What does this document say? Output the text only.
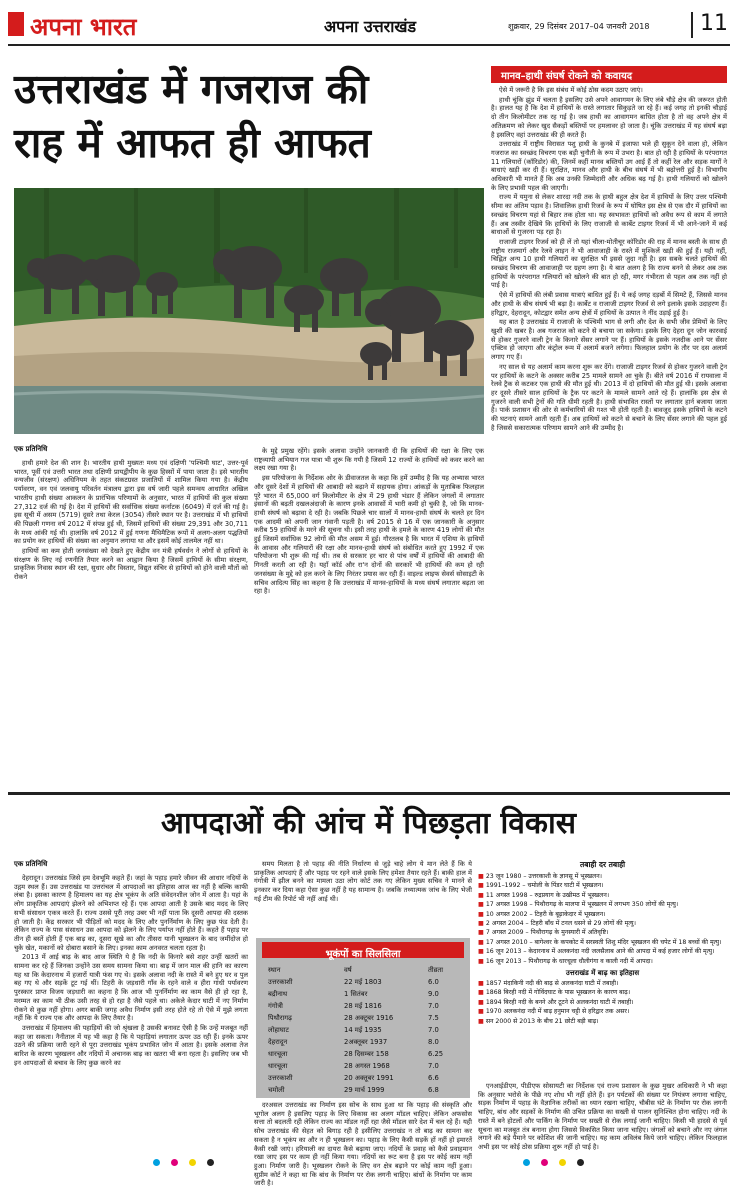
अपना भारत	अपना उत्तराखंड	शुक्रवार, 29 दिसंबर 2017–04 जनवरी 2018 11
उत्तराखंड में गजराज की
राह में आफत ही आफत
एक प्रतिनिधि

हाथी हमारे देश की शान है। भारतीय हाथी मुख्यतः मध्य एवं दक्षिणी 'पश्चिमी घाट', उत्तर-पूर्व भारत, पूर्वी एवं उत्तरी भारत तथा दक्षिणी प्रायद्वीपीय के कुछ हिस्सों में पाया जाता है। इसे भारतीय वन्यजीव (संरक्षण) अधिनियम के तहत संकटग्रस्त प्रजातियों में शामिल किया गया है। केंद्रीय पर्यावरण, वन एवं जलवायु परिवर्तन मंत्रालय द्वारा इस वर्ष जारी पहले समन्वय आधारित अखिल भारतीय हाथी संख्या आकलन के प्रारंभिक परिणामों के अनुसार, भारत में हाथियों की कुल संख्या 27,312 दर्ज की गई है। देश में हाथियों की सर्वाधिक संख्या कर्नाटक (6049) में दर्ज की गई है। इस सूची में असम (5719) दूसरे तथा केरल (3054) तीसरे स्थान पर है। उत्तराखंड में भी हाथियों की पिछली गणना वर्ष 2012 में संपन्न हुई थी, जिसमें हाथियों की संख्या 29,391 और 30,711 के मध्य आंकी गई थी। हालांकि वर्ष 2012 में हुई गणना मैथिमैटिक रूपों में अलग-अलग पद्धतियों का प्रयोग कर हाथियों की संख्या का अनुमान लगाया था और इसमें कोई तालमेल नहीं था।

हाथियों का कम होती जनसंख्या को देखते हुए केंद्रीय वन मंत्री हर्षवर्धन ने लोगों से हाथियों के संरक्षण के लिए नई रणनीति तैयार करने का आह्वान किया है जिसमें हाथियों के सीमा संरक्षण, प्राकृतिक निवास स्थान की रक्षा, सुधार और विस्तार, विद्युत संचिर से हाथियों को होने वाली मौतों को रोकने

के मुद्दे प्रमुख रहेंगे। इसके अलावा उन्होंने जानकारी दी कि हाथियों की रक्षा के लिए एक राष्ट्रव्यापी अभियान गज यात्रा भी शुरू कि गयी है जिसमें 12 राज्यों के हाथियों को कवर करने का लक्ष्य रखा गया है।

इस परियोजना के निर्देशक ओर के डीवाजतल के कहा कि हमें उम्मीद है कि यह अभ्यास भारत और दूसरे देशों में हाथियों की आबादी को बढ़ाने में सहायक होगा। आंकड़ों के मुताबिक फिलहाल पूरे भारत में 65,000 वर्ग किलोमीटर के क्षेत्र में 29 हाथी भंडार हैं लेकिन जंगलों में लगातार इंसानों की बढ़ती दखलअंदाजी के कारण इनके आवासों में भारी कमी हो चुकी है, जो कि मानव-हाथी संघर्ष को बढ़ावा दे रही है। जबकि पिछले चार सालों में मानव-हाथी संघर्ष के चलते हर दिन एक आदमी को अपनी जान गंवानी पड़ती है। वर्ष 2015 से 16 में एक जानकारी के अनुसार करीब 59 हाथियों के मरने की सूचना थी। इसी तरह हाथी के हमले के कारण 419 लोगों की मौत हुई जिसमें सर्वाधिक 92 लोगों की मौत असम में हुई। गौरतलब है कि भारत में एशिया के हाथियों के आवास और गलियारों की रक्षा और मानव-हाथी संघर्ष को संबोधित करते हुए 1992 में एक परियोजना भी शुरू की गई थी। तब से सरकार हर चार से पांच वर्षों में हाथियों की आबादी की गिनती करती आ रही है। यहाँ कॉर्ड और रा'न दोनों की सरकारें भी हाथियों की कम हो रही जनसंख्या के मुद्दे को हल करने के लिए निरंतर प्रयास कर रही हैं। वाइल्ड लाइफ सेवर्स सोसाइटी के सचिव आदित्य सिंह का कहना है कि उत्तराखंड में मानव-हाथियों के मध्य संघर्ष लगातार बढ़ता जा रहा है।

मानव–हाथी संघर्ष रोकने को कवायद

ऐसे में जरूरी है कि इस संबंध में कोई ठोस कदम उठाए जाएं।

हाथी चूंकि झुंड में चलता है इसलिए उसे अपने आवागमन के लिए लंबे चौड़े क्षेत्र की जरूरत होती है। हालत यह है कि देश में हाथियों के रास्ते लगातार सिकुड़ते जा रहे हैं। कई जगह तो इनकी चौड़ाई दो तीन किलोमीटर तक रह गई है। जब हाथी का आवागमन बाधित होता है तो वह अपने क्षेत्र में अतिक्रमण को लेकर खुद सैकड़ों बस्तियों पर हमलावर हो जाता है। चूंकि उत्तराखंड में यह संघर्ष बढ़ा है इसलिए वहां उत्तराखंड की ही करते हैं।

उत्तराखंड में राष्ट्रीय विरासत पशु हाथी के कुनबे में इजाफा भले ही सुकून देने वाला हो, लेकिन गजराज का स्वच्छंद विचरण एक बड़ी चुनौती के रूप में उभरा है। बात हो रही है हाथियों के परंपरागत 11 गलियारों (कॉरिडोर) की, जिनमें कहीं मानव बस्तियों उग आई हैं तो कहीं रेल और सड़क मार्गों ने बाधाएं खड़ी कर दी हैं। सुरक्षित, मानव और हाथी के बीच संघर्ष में भी बढ़ोत्तरी हुई है। विभागीय अधिकारी भी मानते हैं कि अब उनकी जिम्मेदारी और अधिक बढ़ गई है। हाथी गलियारों को खोलने के लिए प्रभावी पहल की जाएगी।

राज्य में यमुना से लेकर शारदा नदी तक के हाथी बहुल क्षेत्र देश में हाथियों के लिए उत्तर पश्चिमी सीमा का अंतिम पड़ाव है। शिवालिक हाथी रिजर्व के रूप में घोषित इस क्षेत्र से एक दौर में हाथियों का स्वच्छंद विचरण यहां से बिहार तक होता था। यह स्वभावतः हाथियों को अवैध रूप से काम में लगाते हैं। अब तस्वीर देखिये कि हाथियों के लिए राजाजी से कार्बेट टाइगर रिजर्व में भी आने-जाने में कई बाधाओं से गुजरना पड़ रहा है।

राजाजी टाइगर रिजर्व को ही लें तो यहां चीला-मोतीचूर कॉरिडोर की राह में मानव बस्ती के साथ ही राष्ट्रीय राजमार्ग और रेलवे लाइन ने भी आवाजाही के रास्ते में मुश्किलें खड़ी की हुई हैं। यही नहीं, चिह्नित अन्य 10 हाथी गलियारों का सुरक्षित भी इससे जुदा नहीं है। इस सबके चलते हाथियों की स्वच्छंद विचरण की आवाजाही पर ग्रहण लगा है। ये बात अलग है कि राज्य बनने से लेकर अब तक हाथियों के परंपरागत गलियारों को खोलने की बात हो रही, मगर गंभीरता से पहल अब तक नहीं हो पाई है।

ऐसे में हाथियों की लंबी प्रवास यात्राएं बाधित हुई हैं। ये कई जगह दड़बों में सिमटे हैं, जिससे मानव और हाथी के बीच संघर्ष भी बढ़ा है। कार्बेट व राजाजी टाइगर रिजर्व से लगे इलाके इसके उदाहरण हैं। हरिद्वार, देहरादून, कोटद्वार समेत अन्य क्षेत्रों में हाथियों के उत्पात ने नींद उड़ाई हुई है।

यह बात है उत्तराखंड में राजाजी के पश्चिमी भाग से लगी और देश के सभी जीव प्रेमियों के लिए खुशी की खबर है। अब गजराज को कटने से बचाया जा सकेगा। इसके लिए देहरा दून जोन कारवाई से होकर गुजरने वाली ट्रेन के किनारे सेंसर लगाने पर हैं। हाथियों के इसके नजदीक आने पर सेंसर एक्टिव हो जाएगा और कंट्रोल रूम में अलार्म बजने लगेगा। फिलहाल प्रयोग के तौर पर दस अलार्म लगाए गए हैं।

नए साल से यह अलार्म काम करना शुरू कर देंगे। राजाजी टाइगर रिजर्व से होकर गुजरने वाली ट्रेन पर हाथियों के कटने के अक्सर करीब 25 मामले सामने आ चुके हैं। बीते वर्ष 2016 में रायवाला में रेलवे ट्रैक से कटकर एक हाथी की मौत हुई थी। 2013 में दो हाथियों की मौत हुई थी। इसके अलावा हर दूसरे तीसरे साल हाथियों के ट्रैक पर कटने के मामले सामने आते रहे हैं। हालांकि इस क्षेत्र से गुजरने वाली सभी ट्रेनों की गति धीमी रहती है। हाथी संभावित रास्तों पर लगातार हार्न बजाया जाता है। पार्क प्रशासन की ओर से कर्मचारियों की गश्त भी होती रहती है। बावजूद इसके हाथियों के कटने की घटनाएं सामने आती रहती हैं। अब हाथियों को कटने से बचाने के लिए सेंसर लगाने की पहल हुई है जिससे सकारात्मक परिणाम सामने आने की उम्मीद है।

आपदाओं की आंच में पिछड़ता विकास
एक प्रतिनिधि

देहरादून। उत्तराखंड जिसे हम देवभूमि कहते हैं। जहां के पहाड़ हमारे जीवन की आधार नदियों के उद्गम स्थल हैं। उस उत्तराखंड या उत्तरांचल में आपदाओं का इतिहास आज का नहीं है बल्कि काफी लंबा है। इसका कारण है हिमालय का यह क्षेत्र भूकंप के अति संवेदनशील जोन में आता है। यहां के लोग प्राकृतिक आपदाएं झेलने को अभिशप्त रहे हैं। एक आपदा आती है उसके बाद मदद के लिए सभी संसाधन एकत्र करते हैं। राज्य उससे पूरी तरह उबर भी नहीं पाता कि दूसरी आपदा की दस्तक हो जाती है। केंद्र सरकार भी पीड़ितों को मदद के लिए और पुनर्निर्माण के लिए कुछ फंड देती है। लेकिन राज्य के पास संसाधन उस आपदा को झेलने के लिए पर्याप्त नहीं होते हैं। कहते हैं पहाड़ पर तीन ही बस्तें होती हैं एक बाढ़ का, दूसरा सूखे का और तीसरा यानी भूस्खलन के बाद जमींदोज हो चुके खेत, मकानों को दोबारा बसाने के लिए। इनका काम अनवरत चलता रहता है।

2013 में आई बाढ़ के बाद आज स्थिति ये है कि नदी के किनारे बसे शहर उन्हीं खतरों का सामना कर रहे हैं जिनका उन्होंने उस समय सामना किया था। बाढ़ में जान माल की हानि का कारण यह था कि केदारनाथ में हजारों यात्री फंस गए थे। इसके अलावा नदी के रास्ते में बने हुए घर व पुल बह गए थे और सड़कें टूट गई थीं। टिहरी के जड़धारी गाँव के रहने वाले व हीरा गांधी पर्यावरण पुरस्कार प्राप्त विजय जड़धारी का कहना है कि आज भी पुनर्निर्माण का काम वैसे ही हो रहा है, मरम्मत का काम भी ठीक उसी तरह से हो रहा है जैसे पहले था। अकेले केदार घाटी में नए निर्माण रोकने से कुछ नहीं होगा। अगर बाकी जगह अवैध निर्माण इसी तरह होते रहे तो ऐसे में मुझे लगता नहीं कि ये राज्य एक और आपदा के लिए तैयार है।

उत्तराखंड में हिमालय की पहाड़ियों की जो श्रृंखला है उसकी बनावट ऐसी है कि उन्हें मजबूत नहीं कहा जा सकता। नैनीताल में यह भी कहा है कि ये पहाड़ियां लगातार ऊपर उठ रही हैं। इनके ऊपर उठने की प्रक्रिया जारी रहने से पूरा उत्तराखंड भूकंप प्रभावित जोन में आता है। इसके अलावा तेज बारिश के कारण भूस्खलन और नदियों में अचानक बाढ़ का खतरा भी बना रहता है। इसलिए जब भी इन आपदाओं से बचाव के लिए कुछ करने का

समय मिलता है तो पहाड़ की नीति निर्धारण से जुड़े चाहे लोग ये मान लेते हैं कि ये प्राकृतिक आपदाएं हैं और पहाड़ पर रहने वाले इसके लिए हमेशा तैयार रहते हैं। बाकी हाल में गंगोत्री में झील बनने का मामला उठा लोग कोर्ट तक गए लेकिन मुख्य सचिव ने मानने से इनकार कर दिया कहा ऐसा कुछ नहीं है यह सामान्य है। जबकि तथ्यात्मक जांच के लिए भेजी गई टीम की रिपोर्ट भी नहीं आई थी।

भूकंपों का सिलसिला
स्थान	वर्ष	तीव्रता
उत्तरकाशी	22 मई 1803	6.0
बद्रीनाथ	1 सितंबर	9.0
गंगोत्री	28 मई 1816	7.0
पिथौरागढ़	28 अक्टूबर 1916	7.5
लोहाघाट	14 मई 1935	7.0
देहरादून	2अक्तूबर 1937	8.0
धारचूला	28 दिसम्बर 158	6.25
धारचूला	28 अगस्त 1968	7.0
उत्तरकाशी	20 अक्तूबर 1991	6.6
चमोली	29 मार्च 1999	6.8

दरअसल उत्तराखंड का निर्माण इस सोच के साथ हुआ था कि पहाड़ की संस्कृति और भूगोल अलग है इसलिए पहाड़ के लिए विकास का अलग मॉडल चाहिए। लेकिन अफसोस सत्ता तो बदलती रही लेकिन राज्य का मॉडल नहीं रहा जैसे मॉडल सारे देश में चल रहे हैं। यही सोच उत्तराखंड की सेहत को बिगाड़ रही है इसीलिए उत्तराखंड न तो बाढ़ का सामना कर सकता है न भूकंप का और न ही भूस्खलन का। पहाड़ के लिए कैसी सड़कें हों नहीं हो इमारतें कैसी रखी जाएं। हरियाली का दायरा कैसे बढ़ाया जाए। नदियों के प्रवाह को कैसे प्रवाहमान रखा जाए इस पर काम ही नहीं किया गया। नदियों का रूट बना है इस पर कोई काम नहीं हुआ। निर्माण जारी है। भूस्खलन रोकने के लिए वन क्षेत्र बढ़ाने पर कोई काम नहीं हुआ। सुप्रीम कोर्ट ने कहा था कि बांध के निर्माण पर रोक लगनी चाहिए। बांधों के निर्माण पर काम जारी है।

तबाही दर तबाही
■ 23 जून 1980 – उत्तरकाशी के ज्ञानसू में भूस्खलन।
■ 1991–1992 – चमोली के पिंडर घाटी में भूस्खलन।
■ 11 अगस्त 1998 – रुद्रप्रयाग के उखीमठ में भूस्खलन।
■ 17 अगस्त 1998 – पिथौरागढ़ के मालपा में भूस्खलन में लगभग 350 लोगों की मृत्यु।
■ 10 अगस्त 2002 – टिहरी के बूढ़ाकेदार में भूस्खलन।
■ 2 अगस्त 2004 – टिहरी बाँध में टनल धसने से 29 लोगों की मृत्यु।
■ 7 अगस्त 2009 – पिथौरागढ़ के मुनस्यारी में अतिवृष्टि।
■ 17 अगस्त 2010 – बागेश्वर के कपकोट में सरस्वती शिशु मंदिर भूस्खलन की चपेट में 18 बच्चों की मृत्यु।
■ 16 जून 2013 – केदारनाथ में अलकनंदा नदी जलसैलाब आने की आपदा में कई हजार लोगों की मृत्यु।
■ 16 जून 2013 – पिथौरागढ़ के धारचूला धौलीगंगा व काली नदी में आपदा।
उत्तराखंड में बाढ़ का इतिहास
■ 1857 मंदाकिनी नदी की बाढ़ से अलकनंदा घाटी में तबाही।
■ 1868 बिरही नदी में गोविंदघाट के पास भूस्खलन के कारण बाढ़।
■ 1894 बिरही नदी के बनने और टूटने से अलकनंदा घाटी में तबाही।
■ 1970 अलकनंदा नदी में बाढ़ हनुमान चट्टी से हरिद्वार तक असर।
■ सन 2000 से 2013 के बीच 21 छोटी बड़ी बाढ़।

एनआईडीएम, पीडीएफ सोसायटी का निर्देशक एवं राज्य प्रशासन के कुछ मुखर अधिकारी ने भी कहा कि अनुसार भरोसे के पीछे नए शोध भी नहीं होते हैं। इन पर्यटकों की संख्या पर नियंत्रण लगाना चाहिए, सड़क निर्माण में पहाड़ के वैज्ञानिक तरीकों का ध्यान रखना चाहिए, चौबीस घंटे के निर्माण पर रोक लगनी चाहिए, बांध और सड़कों के निर्माण की उचित प्रक्रिया का सख्ती से पालन सुनिश्चित होना चाहिए। नदी के रास्ते में बने होटलों और पार्किंग के निर्माण पर सख्ती से रोक लगाई जानी चाहिए। किसी भी हादसे से पूर्व सूचना का मजबूत तंत्र बनाना होगा जिससे विकसित किया जाना चाहिए। जंगलों को बचाने और नए जंगल लगाने की बड़े पैमाने पर कोशिश की जानी चाहिए। यह काम अविलंब किये जाने चाहिए। लेकिन फिलहाल अभी इस पर कोई ठोस प्रक्रिया शुरू नहीं हो पाई है।
